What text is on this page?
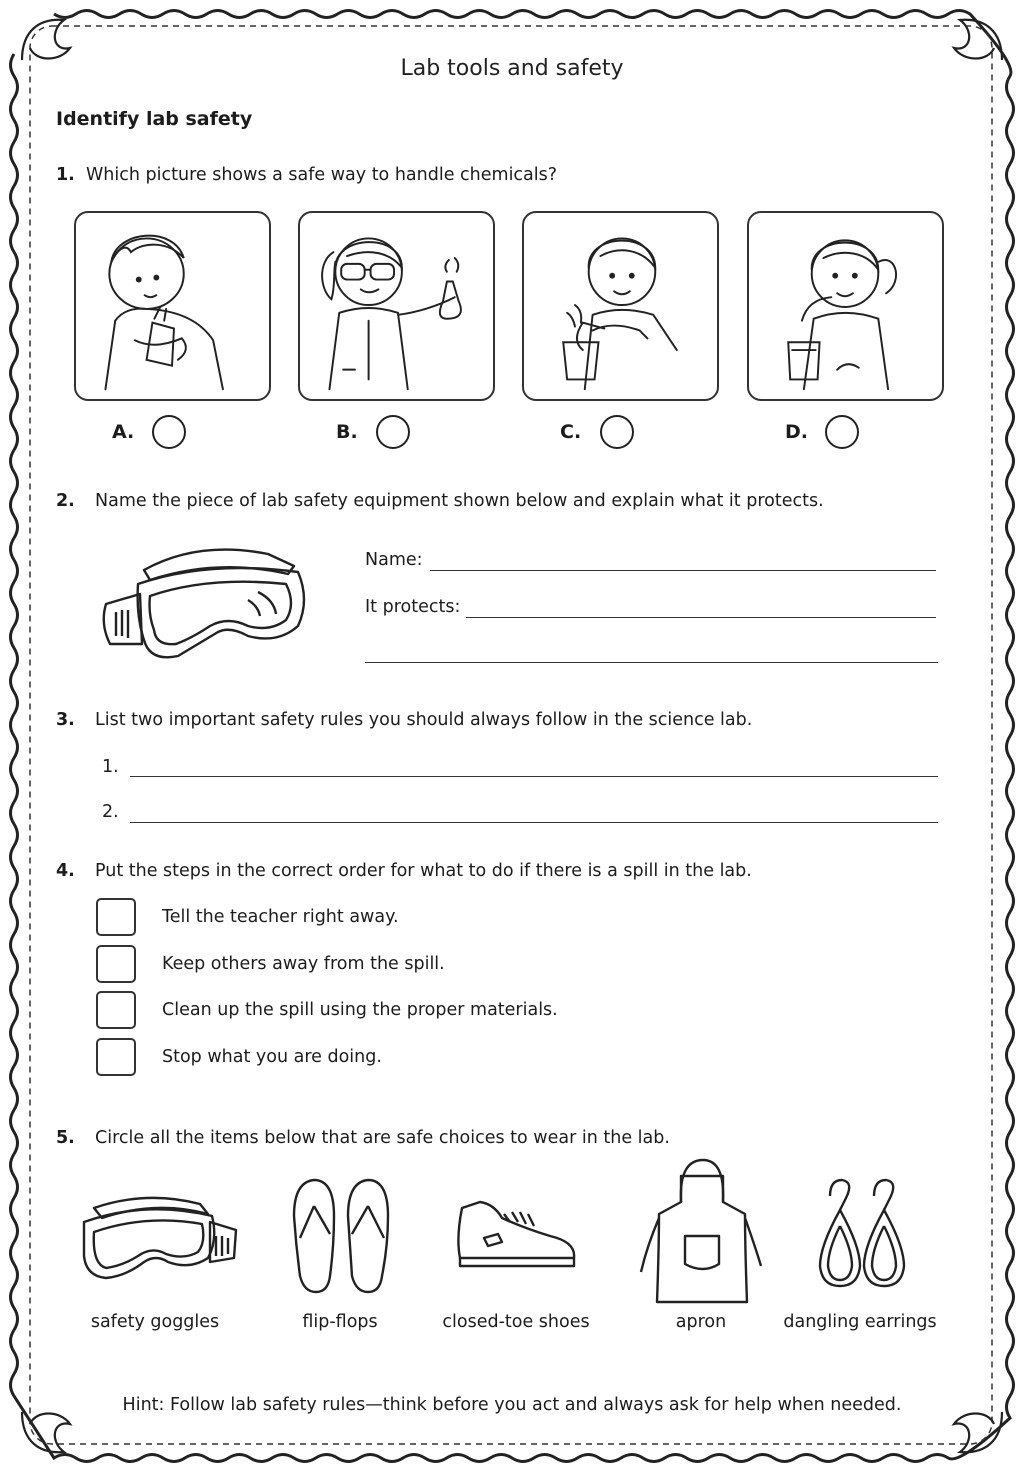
Lab tools and safety
Identify lab safety
1. Which picture shows a safe way to handle chemicals?
A.	B.	C.	D.
2. Name the piece of lab safety equipment shown below and explain what it protects.
Name:
It protects:
3. List two important safety rules you should always follow in the science lab.
1.
2.
4. Put the steps in the correct order for what to do if there is a spill in the lab.
Tell the teacher right away.
Keep others away from the spill.
Clean up the spill using the proper materials.
Stop what you are doing.
5. Circle all the items below that are safe choices to wear in the lab.
safety goggles	flip-flops	closed-toe shoes	apron	dangling earrings
Hint: Follow lab safety rules—think before you act and always ask for help when needed.
